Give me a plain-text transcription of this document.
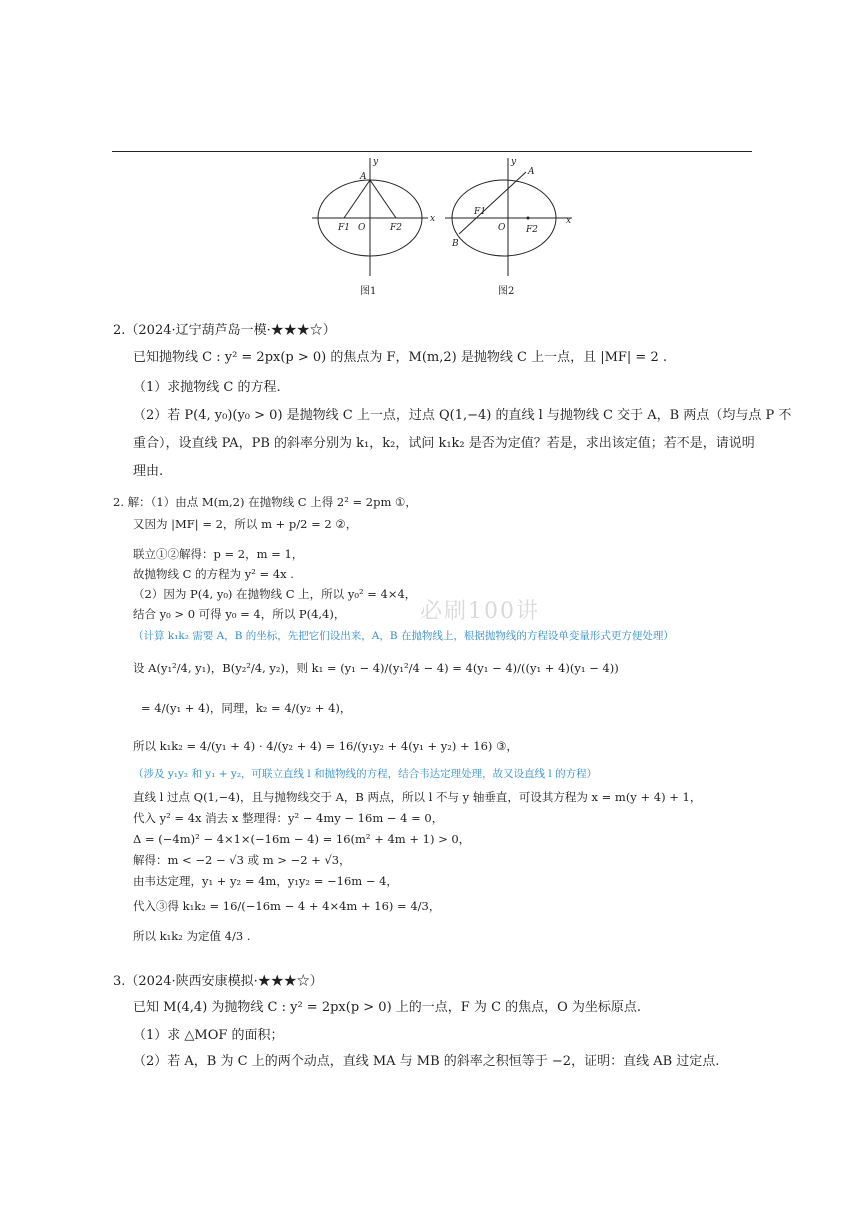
y
x
A
F1 O	F2
图1
y
x
A
F1
O F2
B
图2
2.（2024·辽宁葫芦岛一模·★★★☆）
已知抛物线 C : y² = 2px(p > 0) 的焦点为 F，M(m,2) 是抛物线 C 上一点，且 |MF| = 2 .
（1）求抛物线 C 的方程.
（2）若 P(4, y₀)(y₀ > 0) 是抛物线 C 上一点，过点 Q(1,−4) 的直线 l 与抛物线 C 交于 A，B 两点（均与点 P 不
重合），设直线 PA，PB 的斜率分别为 k₁，k₂，试问 k₁k₂ 是否为定值？若是，求出该定值；若不是，请说明
理由.
2. 解：（1）由点 M(m,2) 在抛物线 C 上得 2² = 2pm ①，
又因为 |MF| = 2，所以 m + p/2 = 2 ②，
联立①②解得：p = 2，m = 1，
故抛物线 C 的方程为 y² = 4x .
（2）因为 P(4, y₀) 在抛物线 C 上，所以 y₀² = 4×4，
结合 y₀ > 0 可得 y₀ = 4，所以 P(4,4)，
（计算 k₁k₂ 需要 A，B 的坐标，先把它们设出来，A，B 在抛物线上，根据抛物线的方程设单变量形式更方便处理）
设 A(y₁²/4, y₁)，B(y₂²/4, y₂)，则 k₁ = (y₁ − 4)/(y₁²/4 − 4) = 4(y₁ − 4)/((y₁ + 4)(y₁ − 4))
= 4/(y₁ + 4)，同理，k₂ = 4/(y₂ + 4)，
所以 k₁k₂ = 4/(y₁ + 4) · 4/(y₂ + 4) = 16/(y₁y₂ + 4(y₁ + y₂) + 16) ③，
（涉及 y₁y₂ 和 y₁ + y₂，可联立直线 l 和抛物线的方程，结合韦达定理处理，故又设直线 l 的方程）
直线 l 过点 Q(1,−4)，且与抛物线交于 A，B 两点，所以 l 不与 y 轴垂直，可设其方程为 x = m(y + 4) + 1，
代入 y² = 4x 消去 x 整理得：y² − 4my − 16m − 4 = 0，
Δ = (−4m)² − 4×1×(−16m − 4) = 16(m² + 4m + 1) > 0，
解得：m < −2 − √3 或 m > −2 + √3，
由韦达定理，y₁ + y₂ = 4m，y₁y₂ = −16m − 4，
代入③得 k₁k₂ = 16/(−16m − 4 + 4×4m + 16) = 4/3，
所以 k₁k₂ 为定值 4/3 .
必刷100讲
3.（2024·陕西安康模拟·★★★☆）
已知 M(4,4) 为抛物线 C : y² = 2px(p > 0) 上的一点，F 为 C 的焦点，O 为坐标原点.
（1）求 △MOF 的面积；
（2）若 A，B 为 C 上的两个动点，直线 MA 与 MB 的斜率之积恒等于 −2，证明：直线 AB 过定点.
